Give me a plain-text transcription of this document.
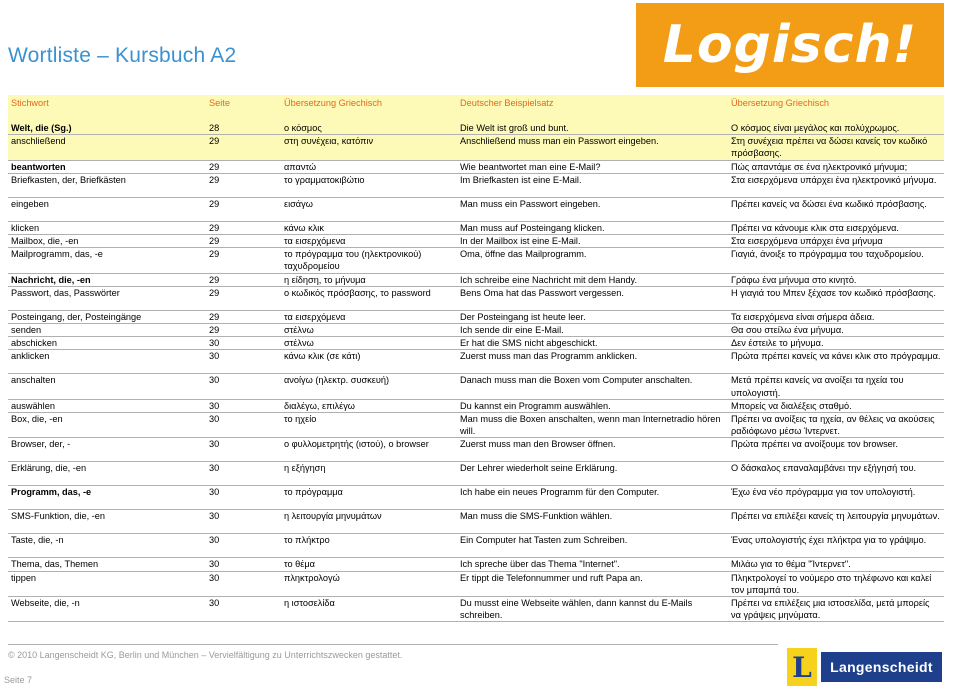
Wortliste – Kursbuch A2	Logisch!
Stichwort	Seite	Übersetzung Griechisch	Deutscher Beispielsatz	Übersetzung Griechisch
Welt, die (Sg.)	28	ο κόσμος	Die Welt ist groß und bunt.	Ο κόσμος είναι μεγάλος και πολύχρωμος.
anschließend	29	στη συνέχεια, κατόπιν	Anschließend muss man ein Passwort eingeben.	Στη συνέχεια πρέπει να δώσει κανείς τον κωδικό πρόσβασης.
beantworten	29	απαντώ	Wie beantwortet man eine E-Mail?	Πώς απαντάμε σε ένα ηλεκτρονικό μήνυμα;
Briefkasten, der, Briefkästen	29	το γραμματοκιβώτιο	Im Briefkasten ist eine E-Mail.	Στα εισερχόμενα υπάρχει ένα ηλεκτρονικό μήνυμα.
eingeben	29	εισάγω	Man muss ein Passwort eingeben.	Πρέπει κανείς να δώσει ένα κωδικό πρόσβασης.
klicken	29	κάνω κλικ	Man muss auf Posteingang klicken.	Πρέπει να κάνουμε κλικ στα εισερχόμενα.
Mailbox, die, -en	29	τα εισερχόμενα	In der Mailbox ist eine E-Mail.	Στα εισερχόμενα υπάρχει ένα μήνυμα
Mailprogramm, das, -e	29	το πρόγραμμα του (ηλεκτρονικού) ταχυδρομείου	Oma, öffne das Mailprogramm.	Γιαγιά, άνοιξε το πρόγραμμα του ταχυδρομείου.
Nachricht, die, -en	29	η είδηση, το μήνυμα	Ich schreibe eine Nachricht mit dem Handy.	Γράφω ένα μήνυμα στο κινητό.
Passwort, das, Passwörter	29	ο κωδικός πρόσβασης, το password	Bens Oma hat das Passwort vergessen.	Η γιαγιά του Μπεν ξέχασε τον κωδικό πρόσβασης.
Posteingang, der, Posteingänge	29	τα εισερχόμενα	Der Posteingang ist heute leer.	Τα εισερχόμενα είναι σήμερα άδεια.
senden	29	στέλνω	Ich sende dir eine E-Mail.	Θα σου στείλω ένα μήνυμα.
abschicken	30	στέλνω	Er hat die SMS nicht abgeschickt.	Δεν έστειλε το μήνυμα.
anklicken	30	κάνω κλικ (σε κάτι)	Zuerst muss man das Programm anklicken.	Πρώτα πρέπει κανείς να κάνει κλικ στο πρόγραμμα.
anschalten	30	ανοίγω (ηλεκτρ. συσκευή)	Danach muss man die Boxen vom Computer anschalten.	Μετά πρέπει κανείς να ανοίξει τα ηχεία του υπολογιστή.
auswählen	30	διαλέγω, επιλέγω	Du kannst ein Programm auswählen.	Μπορείς να διαλέξεις σταθμό.
Box, die, -en	30	το ηχείο	Man muss die Boxen anschalten, wenn man Internetradio hören will.	Πρέπει να ανοίξεις τα ηχεία, αν θέλεις να ακούσεις ραδιόφωνο μέσω Ίντερνετ.
Browser, der, -	30	ο φυλλομετρητής (ιστού), ο browser	Zuerst muss man den Browser öffnen.	Πρώτα πρέπει να ανοίξουμε τον browser.
Erklärung, die, -en	30	η εξήγηση	Der Lehrer wiederholt seine Erklärung.	Ο δάσκαλος επαναλαμβάνει την εξήγησή του.
Programm, das, -e	30	το πρόγραμμα	Ich habe ein neues Programm für den Computer.	Έχω ένα νέο πρόγραμμα για τον υπολογιστή.
SMS-Funktion, die, -en	30	η λειτουργία μηνυμάτων	Man muss die SMS-Funktion wählen.	Πρέπει να επιλέξει κανείς τη λειτουργία μηνυμάτων.
Taste, die, -n	30	το πλήκτρο	Ein Computer hat Tasten zum Schreiben.	Ένας υπολογιστής έχει πλήκτρα για το γράψιμο.
Thema, das, Themen	30	το θέμα	Ich spreche über das Thema "Internet".	Μιλάω για το θέμα "Ίντερνετ".
tippen	30	πληκτρολογώ	Er tippt die Telefonnummer und ruft Papa an.	Πληκτρολογεί το νούμερο στο τηλέφωνο και καλεί τον μπαμπά του.
Webseite, die, -n	30	η ιστοσελίδα	Du musst eine Webseite wählen, dann kannst du E-Mails schreiben.	Πρέπει να επιλέξεις μια ιστοσελίδα, μετά μπορείς να γράψεις μηνύματα.
© 2010 Langenscheidt KG, Berlin und München – Vervielfältigung zu Unterrichtszwecken gestattet.
Seite 7	L	Langenscheidt
